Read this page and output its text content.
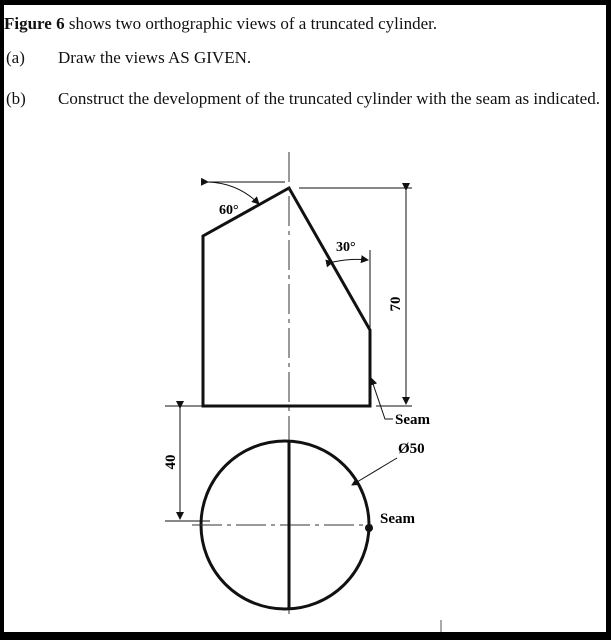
Figure 6 shows two orthographic views of a truncated cylinder.
(a) Draw the views AS GIVEN.
(b) Construct the development of the truncated cylinder with the seam as indicated.
70
60°
30°
Seam
Ø50
40
Seam
